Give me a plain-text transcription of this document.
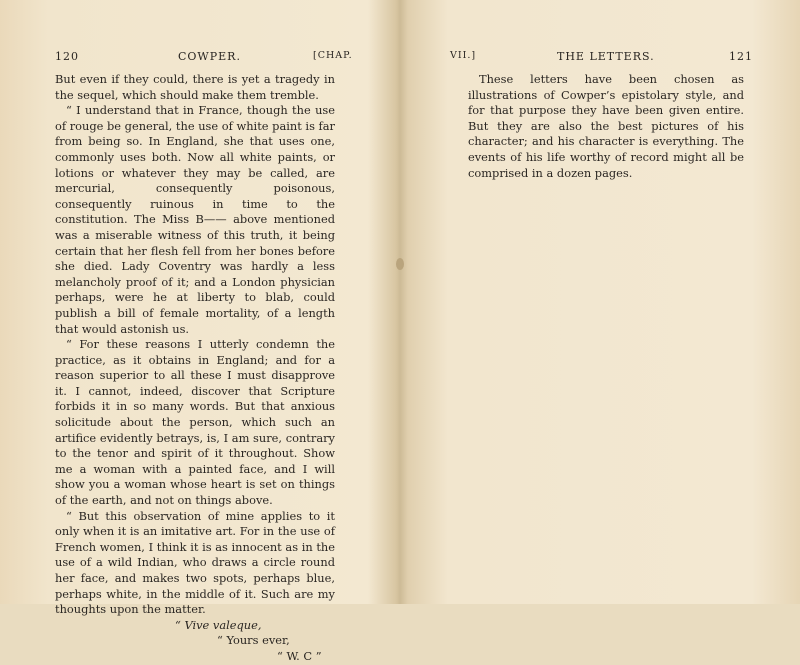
120	COWPER.	[CHAP.

But even if they could, there is yet a tragedy in the sequel, which should make them tremble.

“ I understand that in France, though the use of rouge be general, the use of white paint is far from being so. In England, she that uses one, commonly uses both. Now all white paints, or lotions or whatever they may be called, are mercurial, consequently poisonous, consequently ruinous in time to the constitution. The Miss B—— above mentioned was a miserable witness of this truth, it being certain that her flesh fell from her bones before she died. Lady Coventry was hardly a less melancholy proof of it; and a London physician perhaps, were he at liberty to blab, could publish a bill of female mortality, of a length that would astonish us.

“ For these reasons I utterly condemn the practice, as it obtains in England; and for a reason superior to all these I must disapprove it. I cannot, indeed, discover that Scripture forbids it in so many words. But that anxious solicitude about the person, which such an artifice evidently betrays, is, I am sure, contrary to the tenor and spirit of it throughout. Show me a woman with a painted face, and I will show you a woman whose heart is set on things of the earth, and not on things above.

“ But this observation of mine applies to it only when it is an imitative art. For in the use of French women, I think it is as innocent as in the use of a wild Indian, who draws a circle round her face, and makes two spots, perhaps blue, perhaps white, in the middle of it. Such are my thoughts upon the matter.

“ Vive valeque,

“ Yours ever,

“ W. C ”

VII.]	THE LETTERS.	121

These letters have been chosen as illustrations of Cowper’s epistolary style, and for that purpose they have been given entire. But they are also the best pictures of his character; and his character is everything. The events of his life worthy of record might all be comprised in a dozen pages.
